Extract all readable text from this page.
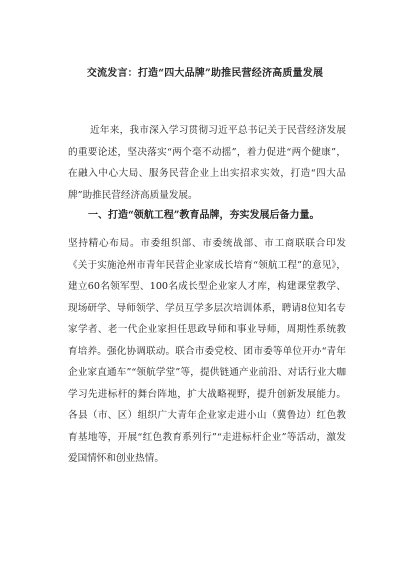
交流发言：打造“四大品牌”助推民营经济高质量发展

近年来，我市深入学习贯彻习近平总书记关于民营经济发展的重要论述，坚决落实“两个毫不动摇”，着力促进“两个健康”，在融入中心大局、服务民营企业上出实招求实效，打造“四大品牌”助推民营经济高质量发展。

一、打造“领航工程”教育品牌，夯实发展后备力量。

坚持精心布局。市委组织部、市委统战部、市工商联联合印发《关于实施沧州市青年民营企业家成长培育“领航工程”的意见》，建立60名领军型、100名成长型企业家人才库，构建课堂教学、现场研学、导师领学、学员互学多层次培训体系，聘请8位知名专家学者、老一代企业家担任思政导师和事业导师，周期性系统教育培养。强化协调联动。联合市委党校、团市委等单位开办“青年企业家直通车”“领航学堂”等，提供链通产业前沿、对话行业大咖学习先进标杆的舞台阵地，扩大战略视野，提升创新发展能力。各县（市、区）组织广大青年企业家走进小山（冀鲁边）红色教育基地等，开展“红色教育系列行”“走进标杆企业”等活动，激发爱国情怀和创业热情。
